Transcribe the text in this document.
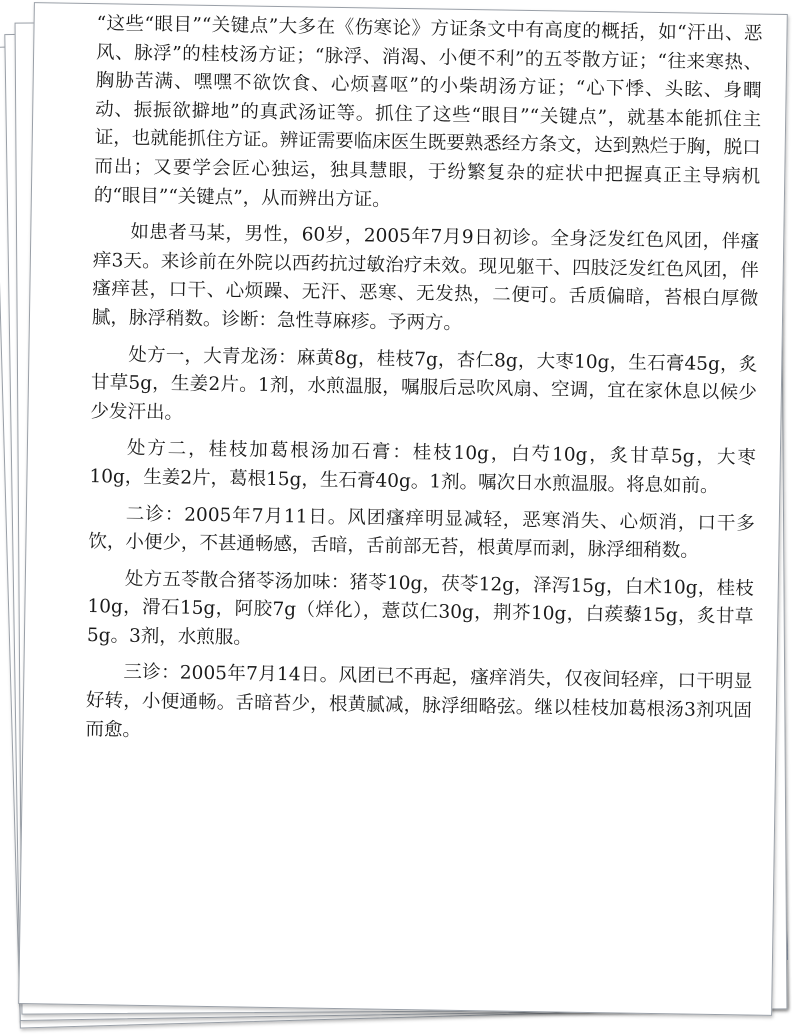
“这些“眼目”“关键点”大多在《伤寒论》方证条文中有高度的概括，如“汗出、恶风、脉浮”的桂枝汤方证；“脉浮、消渴、小便不利”的五苓散方证；“往来寒热、胸胁苦满、嘿嘿不欲饮食、心烦喜呕”的小柴胡汤方证；“心下悸、头眩、身瞤动、振振欲擗地”的真武汤证等。抓住了这些“眼目”“关键点”，就基本能抓住主证，也就能抓住方证。辨证需要临床医生既要熟悉经方条文，达到熟烂于胸，脱口而出；又要学会匠心独运，独具慧眼，于纷繁复杂的症状中把握真正主导病机的“眼目”“关键点”，从而辨出方证。

如患者马某，男性，60岁，2005年7月9日初诊。全身泛发红色风团，伴瘙痒3天。来诊前在外院以西药抗过敏治疗未效。现见躯干、四肢泛发红色风团，伴瘙痒甚，口干、心烦躁、无汗、恶寒、无发热，二便可。舌质偏暗，苔根白厚微腻，脉浮稍数。诊断：急性荨麻疹。予两方。

处方一，大青龙汤：麻黄8g，桂枝7g，杏仁8g，大枣10g，生石膏45g，炙甘草5g，生姜2片。1剂，水煎温服，嘱服后忌吹风扇、空调，宜在家休息以候少少发汗出。

处方二，桂枝加葛根汤加石膏：桂枝10g，白芍10g，炙甘草5g，大枣10g，生姜2片，葛根15g，生石膏40g。1剂。嘱次日水煎温服。将息如前。

二诊：2005年7月11日。风团瘙痒明显减轻，恶寒消失、心烦消，口干多饮，小便少，不甚通畅感，舌暗，舌前部无苔，根黄厚而剥，脉浮细稍数。

处方五苓散合猪苓汤加味：猪苓10g，茯苓12g，泽泻15g，白术10g，桂枝10g，滑石15g，阿胶7g（烊化），薏苡仁30g，荆芥10g，白蒺藜15g，炙甘草5g。3剂，水煎服。

三诊：2005年7月14日。风团已不再起，瘙痒消失，仅夜间轻痒，口干明显好转，小便通畅。舌暗苔少，根黄腻减，脉浮细略弦。继以桂枝加葛根汤3剂巩固而愈。
